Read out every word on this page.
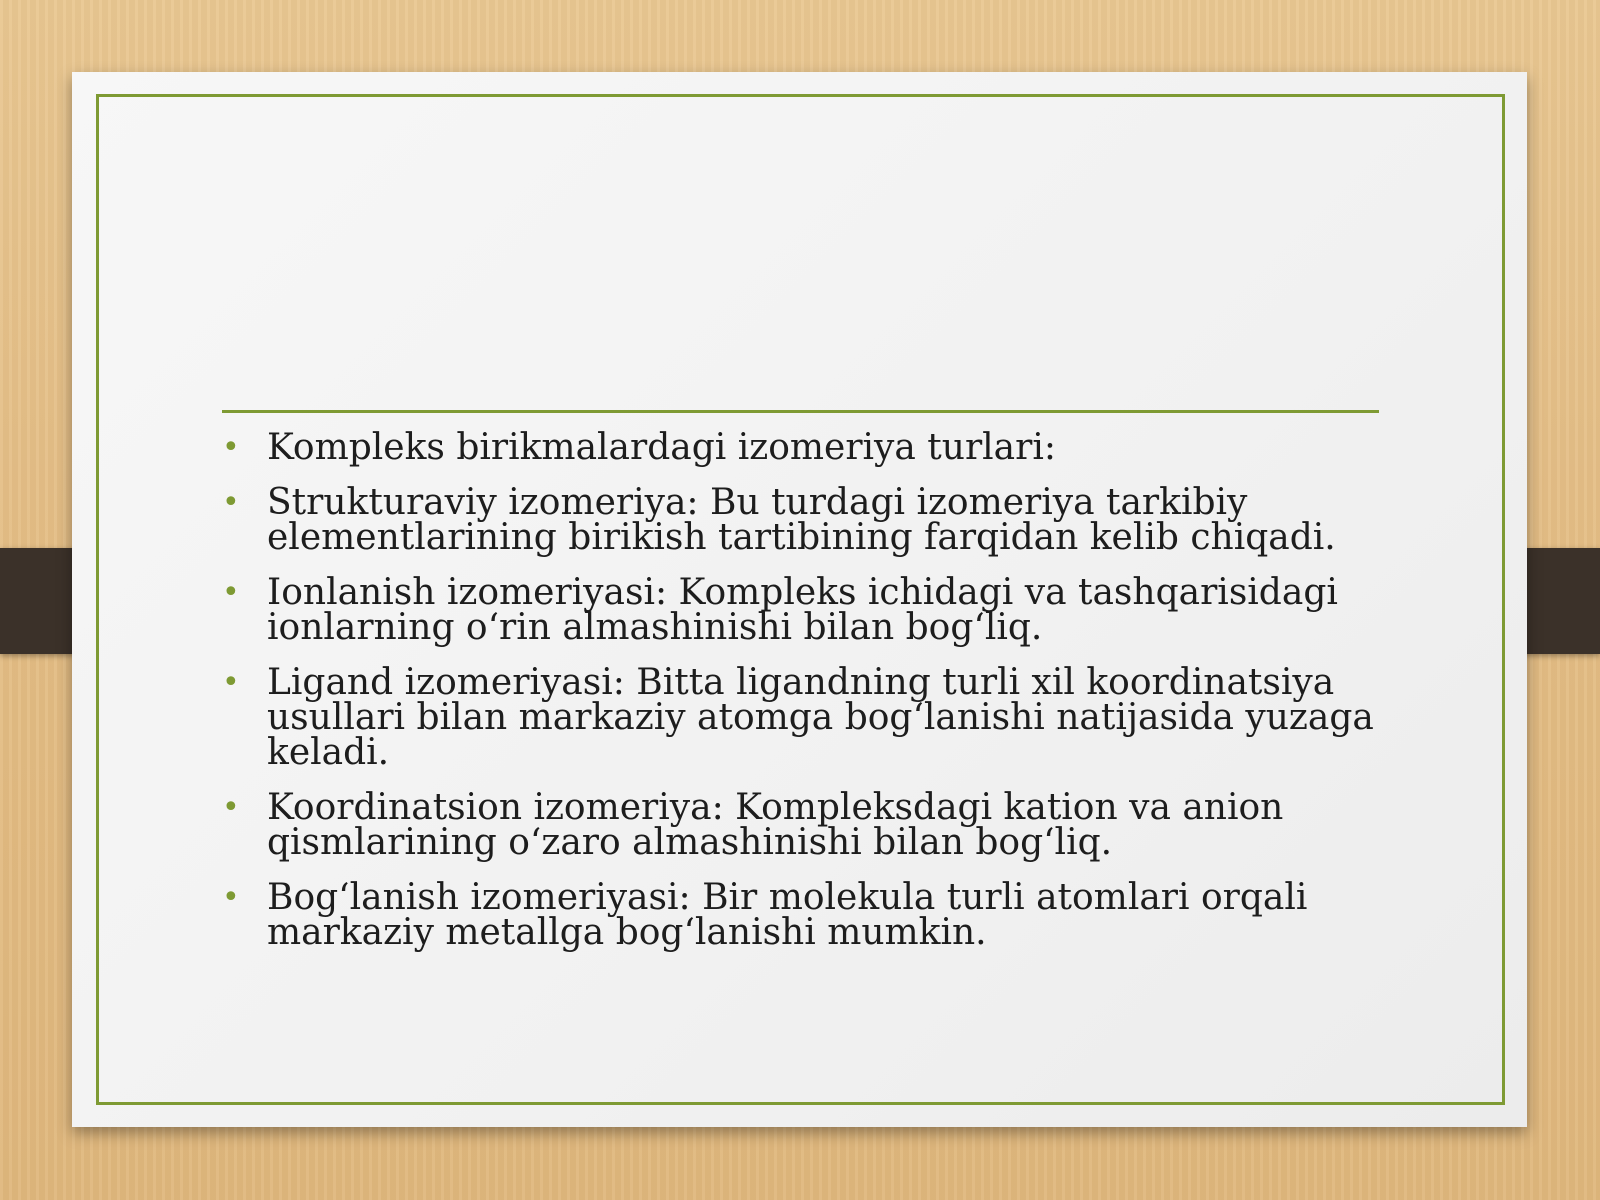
• Kompleks birikmalardagi izomeriya turlari:
• Strukturaviy izomeriya: Bu turdagi izomeriya tarkibiy elementlarining birikish tartibining farqidan kelib chiqadi.
• Ionlanish izomeriyasi: Kompleks ichidagi va tashqarisidagi ionlarning o‘rin almashinishi bilan bog‘liq.
• Ligand izomeriyasi: Bitta ligandning turli xil koordinatsiya usullari bilan markaziy atomga bog‘lanishi natijasida yuzaga keladi.
• Koordinatsion izomeriya: Kompleksdagi kation va anion qismlarining o‘zaro almashinishi bilan bog‘liq.
• Bog‘lanish izomeriyasi: Bir molekula turli atomlari orqali markaziy metallga bog‘lanishi mumkin.
